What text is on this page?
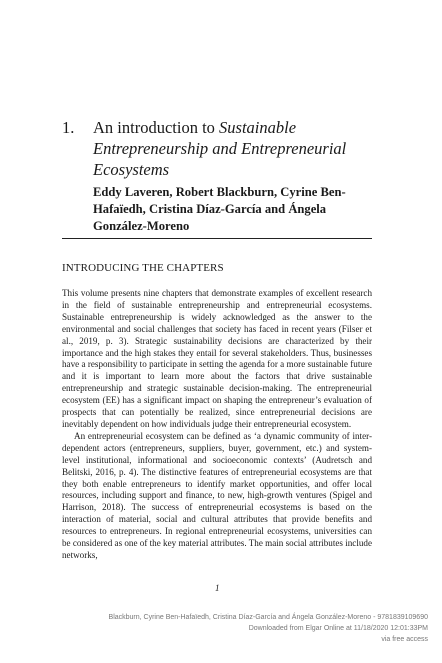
1. An introduction to Sustainable Entrepreneurship and Entrepreneurial Ecosystems
Eddy Laveren, Robert Blackburn, Cyrine Ben-Hafaïedh, Cristina Díaz-García and Ángela González-Moreno
INTRODUCING THE CHAPTERS

This volume presents nine chapters that demonstrate examples of excellent research in the field of sustainable entrepreneurship and entrepreneurial ecosystems. Sustainable entrepreneurship is widely acknowledged as the answer to the environmental and social challenges that society has faced in recent years (Filser et al., 2019, p. 3). Strategic sustainability decisions are characterized by their importance and the high stakes they entail for several stakeholders. Thus, businesses have a responsibility to participate in setting the agenda for a more sustainable future and it is important to learn more about the factors that drive sustainable entrepreneurship and strategic sustainable decision-making. The entrepreneurial ecosystem (EE) has a significant impact on shaping the entrepreneur’s evaluation of prospects that can potentially be realized, since entrepreneurial decisions are inevitably dependent on how individuals judge their entrepreneurial ecosystem.

An entrepreneurial ecosystem can be defined as ‘a dynamic community of inter-dependent actors (entrepreneurs, suppliers, buyer, government, etc.) and system-level institutional, informational and socioeconomic contexts’ (Audretsch and Belitski, 2016, p. 4). The distinctive features of entrepreneurial ecosystems are that they both enable entrepreneurs to identify market opportunities, and offer local resources, including support and finance, to new, high-growth ventures (Spigel and Harrison, 2018). The success of entrepreneurial ecosystems is based on the interaction of material, social and cultural attributes that provide benefits and resources to entrepreneurs. In regional entrepreneurial ecosystems, universities can be considered as one of the key material attributes. The main social attributes include networks,

1
Blackburn, Cyrine Ben-Hafaïedh, Cristina Díaz-García and Ángela González-Moreno - 9781839109690
Downloaded from Elgar Online at 11/18/2020 12:01:33PM
via free access
